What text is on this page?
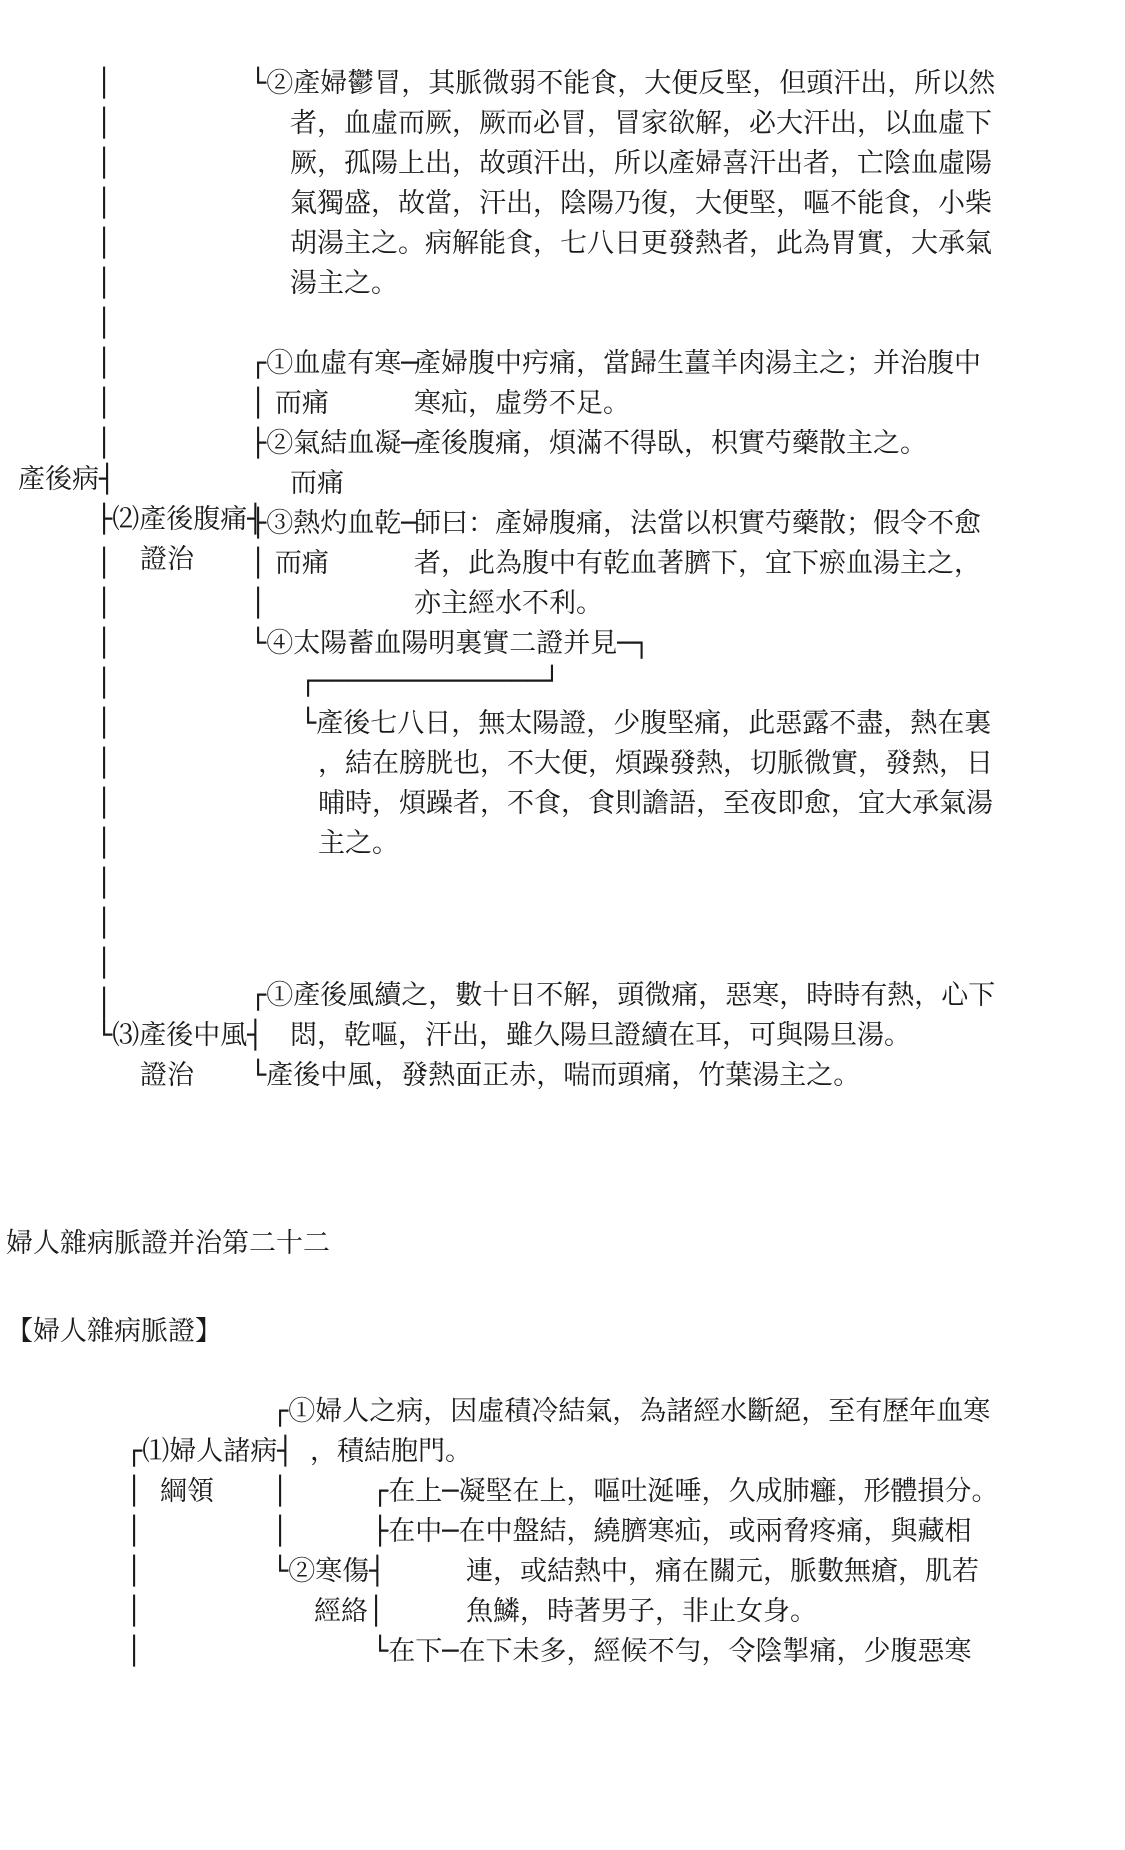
產後病┤
│
│
│
│
│
│
│
│
│
│
│
│
│
│
│
│
│
│
│
│
│
│
└②產婦鬱冒，其脈微弱不能食，大便反堅，但頭汗出，所以然
者，血虛而厥，厥而必冒，冒家欲解，必大汗出，以血虛下
厥，孤陽上出，故頭汗出，所以產婦喜汗出者，亡陰血虛陽
氣獨盛，故當，汗出，陰陽乃復，大便堅，嘔不能食，小柴
胡湯主之。病解能食，七八日更發熱者，此為胃實，大承氣
湯主之。
├⑵產後腹痛┤
證治
┌①血虛有寒─
│ 而痛
產婦腹中㽲痛，當歸生薑羊肉湯主之；并治腹中
寒疝，虛勞不足。
├②氣結血凝─
而痛
產後腹痛，煩滿不得臥，枳實芍藥散主之。
├③熱灼血乾─
│ 而痛
│
師曰：產婦腹痛，法當以枳實芍藥散；假令不愈
者，此為腹中有乾血著臍下，宜下瘀血湯主之，
亦主經水不利。
└④太陽蓄血陽明裏實二證并見─┐
┌──────────────┘
└產後七八日，無太陽證，少腹堅痛，此惡露不盡，熱在裏
，結在膀胱也，不大便，煩躁發熱，切脈微實，發熱，日
晡時，煩躁者，不食，食則譫語，至夜即愈，宜大承氣湯
主之。
└⑶產後中風┤
證治
┌①產後風續之，數十日不解，頭微痛，惡寒，時時有熱，心下
悶，乾嘔，汗出，雖久陽旦證續在耳，可與陽旦湯。
└產後中風，發熱面正赤，喘而頭痛，竹葉湯主之。
婦人雜病脈證并治第二十二
【婦人雜病脈證】
┌⑴婦人諸病┤
綱領
│
│
│
│
│
│
│
┌①婦人之病，因虛積冷結氣，為諸經水斷絕，至有歷年血寒
，積結胞門。
└②寒傷┤
經絡│
┌在上─凝堅在上，嘔吐涎唾，久成肺癰，形體損分。
├在中─在中盤結，繞臍寒疝，或兩脅疼痛，與藏相
連，或結熱中，痛在關元，脈數無瘡，肌若
魚鱗，時著男子，非止女身。
└在下─在下未多，經候不勻，令陰掣痛，少腹惡寒
